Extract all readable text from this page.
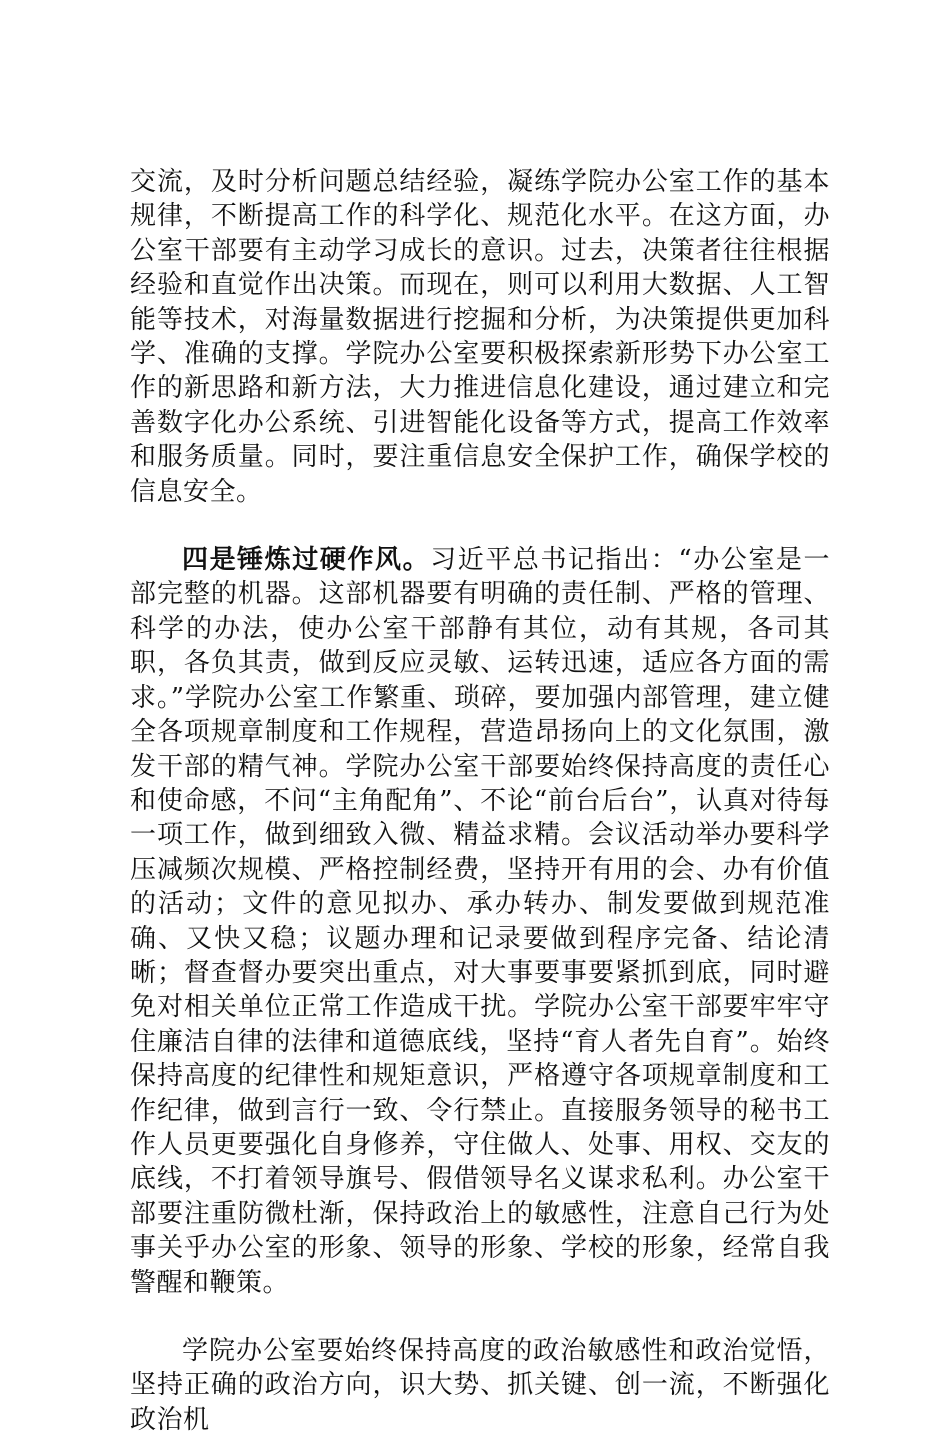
交流，及时分析问题总结经验，凝练学院办公室工作的基本规律，不断提高工作的科学化、规范化水平。在这方面，办公室干部要有主动学习成长的意识。过去，决策者往往根据经验和直觉作出决策。而现在，则可以利用大数据、人工智能等技术，对海量数据进行挖掘和分析，为决策提供更加科学、准确的支撑。学院办公室要积极探索新形势下办公室工作的新思路和新方法，大力推进信息化建设，通过建立和完善数字化办公系统、引进智能化设备等方式，提高工作效率和服务质量。同时，要注重信息安全保护工作，确保学校的信息安全。

四是锤炼过硬作风。习近平总书记指出：“办公室是一部完整的机器。这部机器要有明确的责任制、严格的管理、科学的办法，使办公室干部静有其位，动有其规，各司其职，各负其责，做到反应灵敏、运转迅速，适应各方面的需求。”学院办公室工作繁重、琐碎，要加强内部管理，建立健全各项规章制度和工作规程，营造昂扬向上的文化氛围，激发干部的精气神。学院办公室干部要始终保持高度的责任心和使命感，不问“主角配角”、不论“前台后台”，认真对待每一项工作，做到细致入微、精益求精。会议活动举办要科学压减频次规模、严格控制经费，坚持开有用的会、办有价值的活动；文件的意见拟办、承办转办、制发要做到规范准确、又快又稳；议题办理和记录要做到程序完备、结论清晰；督查督办要突出重点，对大事要事要紧抓到底，同时避免对相关单位正常工作造成干扰。学院办公室干部要牢牢守住廉洁自律的法律和道德底线，坚持“育人者先自育”。始终保持高度的纪律性和规矩意识，严格遵守各项规章制度和工作纪律，做到言行一致、令行禁止。直接服务领导的秘书工作人员更要强化自身修养，守住做人、处事、用权、交友的底线，不打着领导旗号、假借领导名义谋求私利。办公室干部要注重防微杜渐，保持政治上的敏感性，注意自己行为处事关乎办公室的形象、领导的形象、学校的形象，经常自我警醒和鞭策。

学院办公室要始终保持高度的政治敏感性和政治觉悟，坚持正确的政治方向，识大势、抓关键、创一流，不断强化政治机
